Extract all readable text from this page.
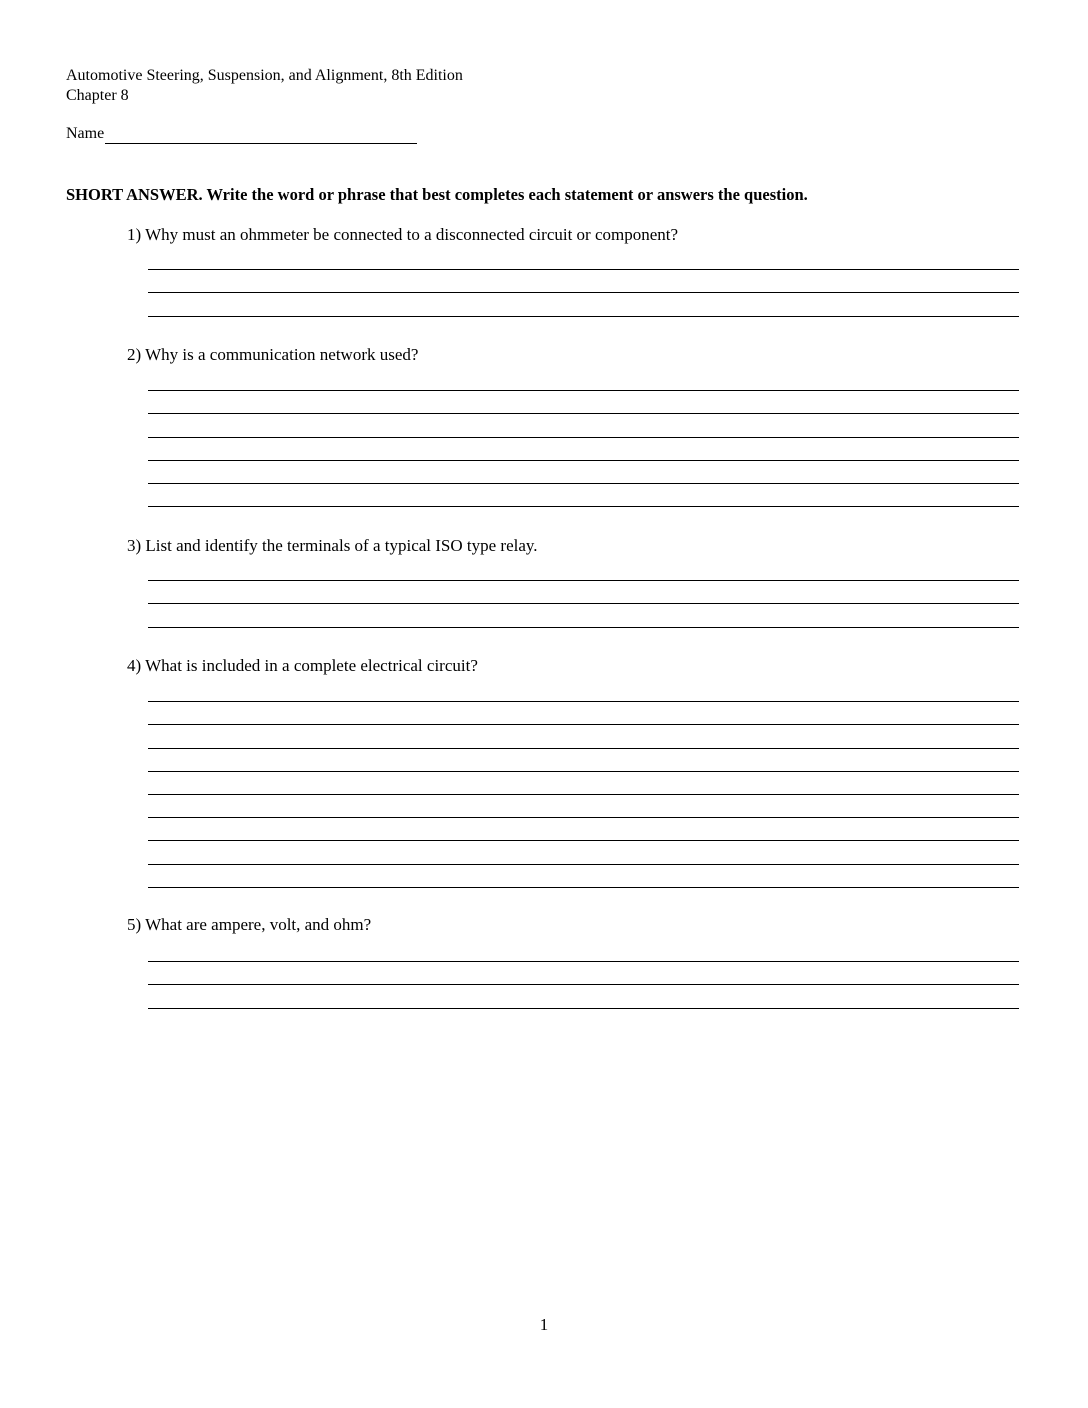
Automotive Steering, Suspension, and Alignment, 8th Edition
Chapter 8
Name
SHORT ANSWER. Write the word or phrase that best completes each statement or answers the question.
1) Why must an ohmmeter be connected to a disconnected circuit or component?
2) Why is a communication network used?
3) List and identify the terminals of a typical ISO type relay.
4) What is included in a complete electrical circuit?
5) What are ampere, volt, and ohm?
1
